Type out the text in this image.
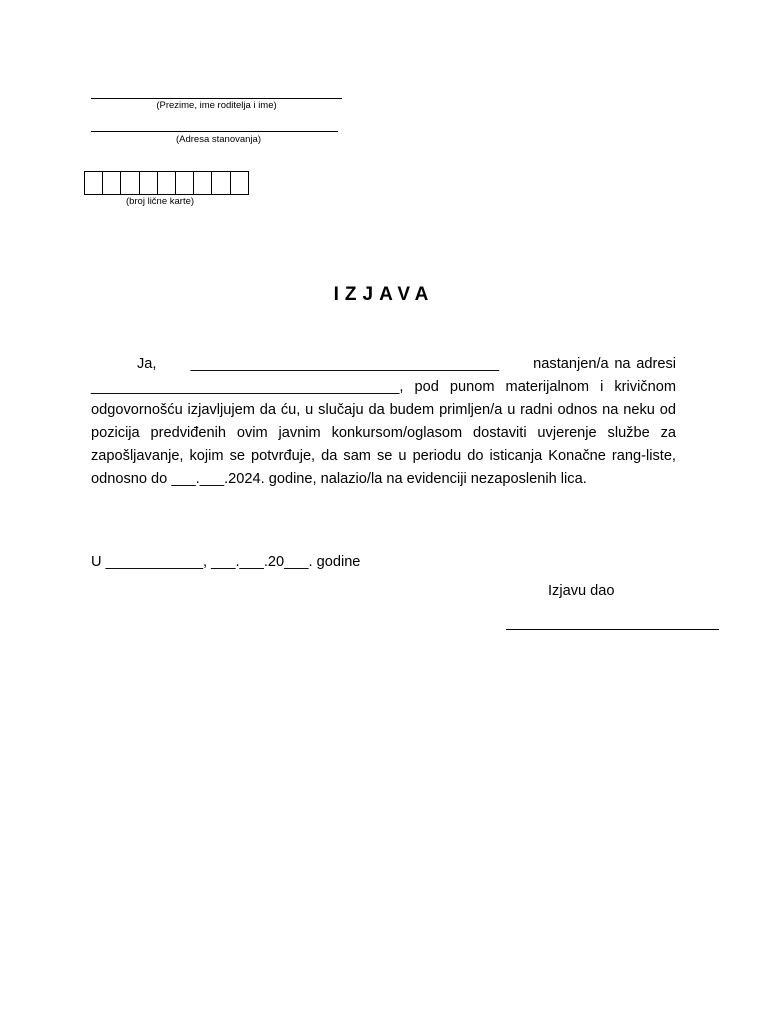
(Prezime, ime roditelja i ime)
(Adresa stanovanja)
(broj lične karte)
IZJAVA

Ja,      ______________________________________      nastanjen/a na adresi ______________________________________, pod punom materijalnom i krivičnom odgovornošću izjavljujem da ću, u slučaju da budem primljen/a u radni odnos na neku od pozicija predviđenih ovim javnim konkursom/oglasom dostaviti uvjerenje službe za zapošljavanje, kojim se potvrđuje, da sam se u periodu do isticanja Konačne rang-liste, odnosno do ___.___.2024. godine, nalazio/la na evidenciji nezaposlenih lica.

U ____________, ___.___.20___. godine
Izjavu dao
